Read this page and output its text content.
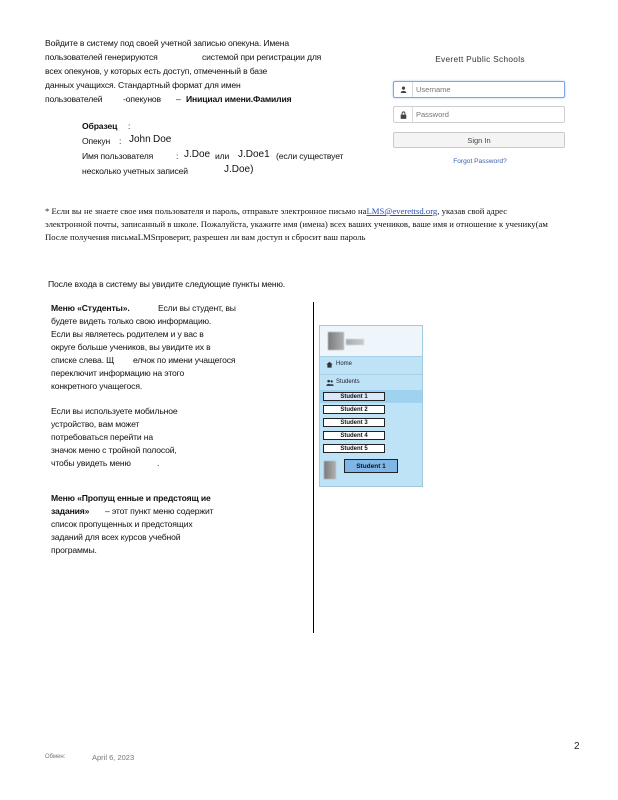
Войдите в систему под своей учетной записью опекуна. Имена
пользователей генерируются	системой при регистрации для
всех опекунов, у которых есть доступ, отмеченный в базе
данных учащихся. Стандартный формат для имен
пользователей -опекунов – Инициал имени.Фамилия
Образец :
Опекун : John Doe
Имя пользователя	: J.Doe или J.Doe1 (если существует
несколько учетных записей	J.Doe)
Everett Public Schools
Username
Sign In
Forgot Password?
* Если вы не знаете свое имя пользователя и пароль, отправьте электронное письмо наLMS@everettsd.org, указав свой адрес
электронной почты, записанный в школе. Пожалуйста, укажите имя (имена) всех ваших учеников, ваше имя и отношение к ученику(ам
После получения письмаLMSпроверит, разрешен ли вам доступ и сбросит ваш пароль
После входа в систему вы увидите следующие пункты меню.
Меню «Студенты».	Если вы студент, вы
будете видеть только свою информацию.
Если вы являетесь родителем и у вас в
округе больше учеников, вы увидите их в
списке слева. Щ елчок по имени учащегося
переключит информацию на этого
конкретного учащегося.
Если вы используете мобильное
устройство, вам может
потребоваться перейти на
значок меню с тройной полосой,
чтобы увидеть меню	.
Меню «Пропущ енные и предстоящ ие
задания» – этот пункт меню содержит
список пропущенных и предстоящих
заданий для всех курсов учебной
программы.
Home
Students
Student 1
Student 2
Student 3
Student 4
Student 5
Student 1
Обмен:	April 6, 2023
2
